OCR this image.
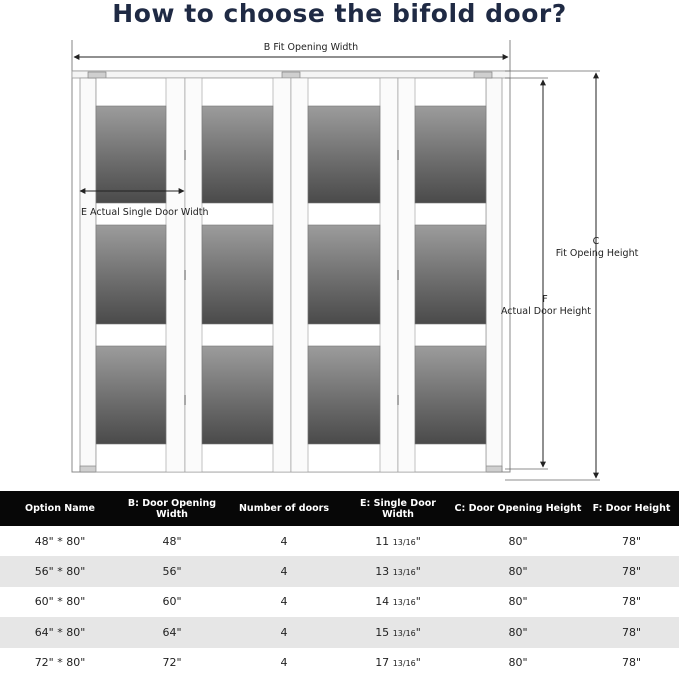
How to choose the bifold door?
B Fit Opening Width
E Actual Single Door Width
C
Fit Opeing Height
F
Actual Door Height
Option Name	B: Door Opening Width	Number of doors	E: Single Door Width	C: Door Opening Height	F: Door Height
48" * 80"	48"	4	11 13/16"	80"	78"
56" * 80"	56"	4	13 13/16"	80"	78"
60" * 80"	60"	4	14 13/16"	80"	78"
64" * 80"	64"	4	15 13/16"	80"	78"
72" * 80"	72"	4	17 13/16"	80"	78"
